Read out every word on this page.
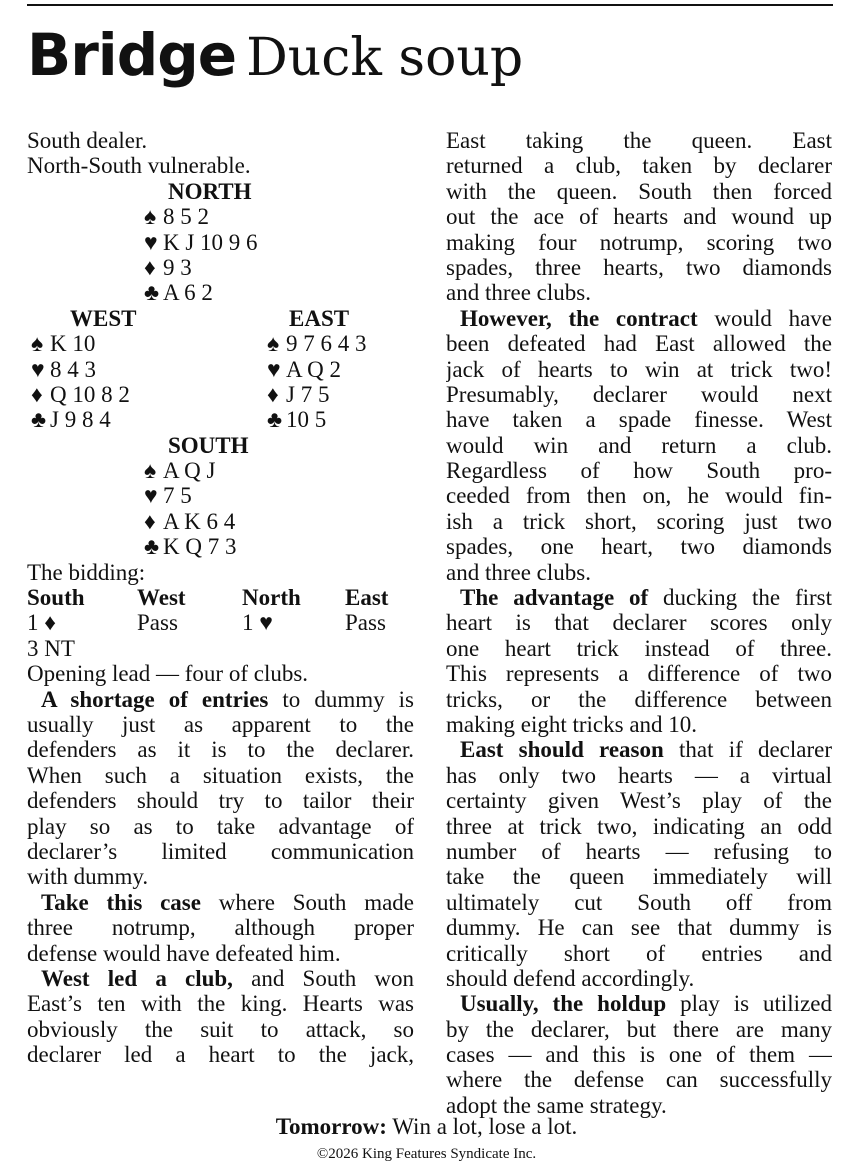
Bridge Duck soup
South dealer.
North-South vulnerable.
NORTH
♠ 8 5 2
♥ K J 10 9 6
♦ 9 3
♣ A 6 2
WEST	EAST
♠ K 10	♠ 9 7 6 4 3
♥ 8 4 3	♥ A Q 2
♦ Q 10 8 2	♦ J 7 5
♣ J 9 8 4	♣ 10 5
SOUTH
♠ A Q J
♥ 7 5
♦ A K 6 4
♣ K Q 7 3
The bidding:
South West North East
1 ♦	Pass	1 ♥	Pass
3 NT
Opening lead — four of clubs.
A shortage of entries to dummy is
usually just as apparent to the
defenders as it is to the declarer.
When such a situation exists, the
defenders should try to tailor their
play so as to take advantage of
declarer’s limited communication
with dummy.
Take this case where South made
three notrump, although proper
defense would have defeated him.
West led a club, and South won
East’s ten with the king. Hearts was
obviously the suit to attack, so
declarer led a heart to the jack,
East taking the queen. East
returned a club, taken by declarer
with the queen. South then forced
out the ace of hearts and wound up
making four notrump, scoring two
spades, three hearts, two diamonds
and three clubs.
However, the contract would have
been defeated had East allowed the
jack of hearts to win at trick two!
Presumably, declarer would next
have taken a spade finesse. West
would win and return a club.
Regardless of how South pro-
ceeded from then on, he would fin-
ish a trick short, scoring just two
spades, one heart, two diamonds
and three clubs.
The advantage of ducking the first
heart is that declarer scores only
one heart trick instead of three.
This represents a difference of two
tricks, or the difference between
making eight tricks and 10.
East should reason that if declarer
has only two hearts — a virtual
certainty given West’s play of the
three at trick two, indicating an odd
number of hearts — refusing to
take the queen immediately will
ultimately cut South off from
dummy. He can see that dummy is
critically short of entries and
should defend accordingly.
Usually, the holdup play is utilized
by the declarer, but there are many
cases — and this is one of them —
where the defense can successfully
adopt the same strategy.
Tomorrow: Win a lot, lose a lot.
©2026 King Features Syndicate Inc.
